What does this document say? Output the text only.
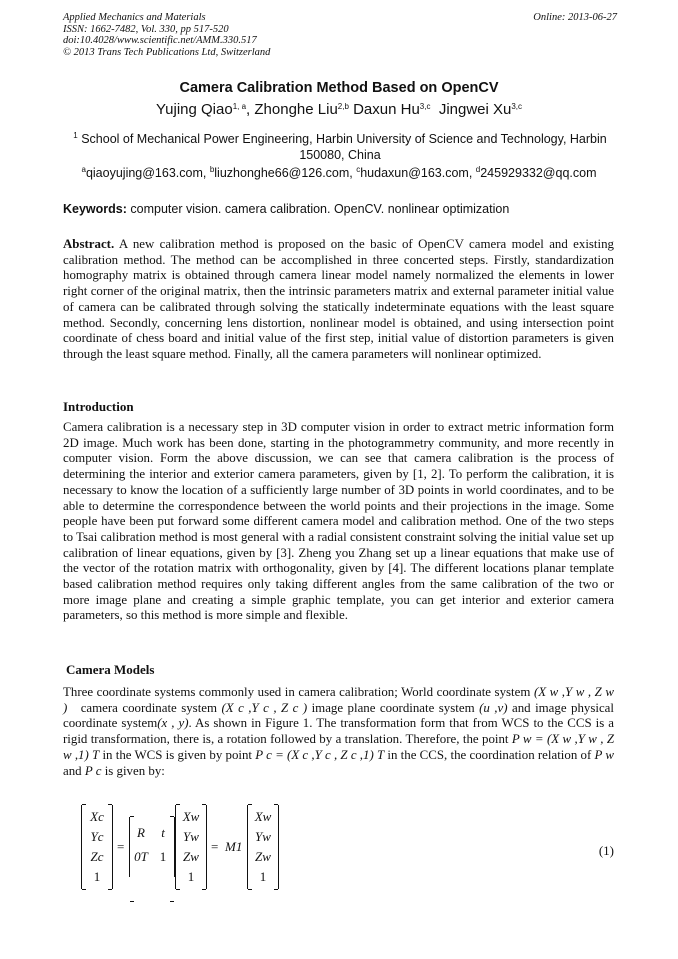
Applied Mechanics and Materials
ISSN: 1662-7482, Vol. 330, pp 517-520
doi:10.4028/www.scientific.net/AMM.330.517
© 2013 Trans Tech Publications Ltd, Switzerland
Online: 2013-06-27
Camera Calibration Method Based on OpenCV
Yujing Qiao$^{1, a}$, Zhonghe Liu$^{2,b}$ Daxun Hu$^{3,c}$ Jingwei Xu$^{3,c}$
$^1$ School of Mechanical Power Engineering, Harbin University of Science and Technology, Harbin 150080, China
$^a$qiaoyujing@163.com, $^b$liuzhonghe66@126.com, $^c$hudaxun@163.com, $^d$245929332@qq.com
Keywords: computer vision. camera calibration. OpenCV. nonlinear optimization

Abstract. A new calibration method is proposed on the basic of OpenCV camera model and existing calibration method. The method can be accomplished in three concerted steps. Firstly, standardization homography matrix is obtained through camera linear model namely normalized the elements in lower right corner of the original matrix, then the intrinsic parameters matrix and external parameter initial value of camera can be calibrated through solving the statically indeterminate equations with the least square method. Secondly, concerning lens distortion, nonlinear model is obtained, and using intersection point coordinate of chess board and initial value of the first step, initial value of distortion parameters is given through the least square method. Finally, all the camera parameters will nonlinear optimized.

Introduction

Camera calibration is a necessary step in 3D computer vision in order to extract metric information form 2D image. Much work has been done, starting in the photogrammetry community, and more recently in computer vision. Form the above discussion, we can see that camera calibration is the process of determining the interior and exterior camera parameters, given by [1, 2]. To perform the calibration, it is necessary to know the location of a sufficiently large number of 3D points in world coordinates, and to be able to determine the correspondence between the world points and their projections in the image. Some people have been put forward some different camera model and calibration method. One of the two steps to Tsai calibration method is most general with a radial consistent constraint solving the initial value set up calibration of linear equations, given by [3]. Zheng you Zhang set up a linear equations that make use of the vector of the rotation matrix with orthogonality, given by [4]. The different locations planar template based calibration method requires only taking different angles from the same calibration of the two or more image plane and creating a simple graphic template, you can get interior and exterior camera parameters, so this method is more simple and flexible.

Camera Models

Three coordinate systems commonly used in camera calibration; World coordinate system (X w ,Y w , Z w ) camera coordinate system (X c ,Y c , Z c ) image plane coordinate system (u ,v) and image physical coordinate system(x , y). As shown in Figure 1. The transformation form that from WCS to the CCS is a rigid transformation, there is, a rotation followed by a translation. Therefore, the point P w = (X w ,Y w , Z w ,1) T in the WCS is given by point P c = (X c ,Y c , Z c ,1) T in the CCS, the coordination relation of P w and P c is given by:

Xc
Yc
Zc
1
=
R	t
0T 1
Xw
Yw
Zw
1
= M1
Xw
Yw
Zw
1
(1)
